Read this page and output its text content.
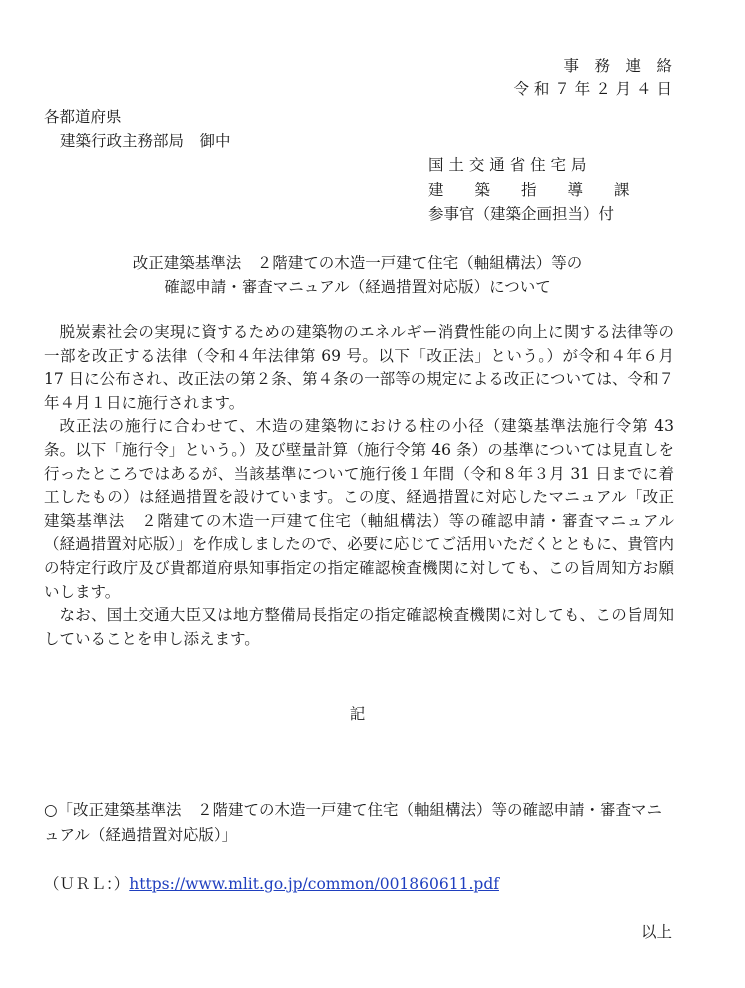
事　務　連　絡
令 和 ７ 年 ２ 月 ４ 日
各都道府県
建築行政主務部局　御中
国 土 交 通 省 住 宅 局
建　　築　　指　　導　　課
参事官（建築企画担当）付
改正建築基準法　２階建ての木造一戸建て住宅（軸組構法）等の
確認申請・審査マニュアル（経過措置対応版）について

脱炭素社会の実現に資するための建築物のエネルギー消費性能の向上に関する法律等の一部を改正する法律（令和４年法律第 69 号。以下「改正法」という。）が令和４年６月 17 日に公布され、改正法の第２条、第４条の一部等の規定による改正については、令和７年４月１日に施行されます。

改正法の施行に合わせて、木造の建築物における柱の小径（建築基準法施行令第 43 条。以下「施行令」という。）及び壁量計算（施行令第 46 条）の基準については見直しを行ったところではあるが、当該基準について施行後１年間（令和８年３月 31 日までに着工したもの）は経過措置を設けています。この度、経過措置に対応したマニュアル「改正建築基準法　２階建ての木造一戸建て住宅（軸組構法）等の確認申請・審査マニュアル（経過措置対応版）」を作成しましたので、必要に応じてご活用いただくとともに、貴管内の特定行政庁及び貴都道府県知事指定の指定確認検査機関に対しても、この旨周知方お願いします。

なお、国土交通大臣又は地方整備局長指定の指定確認検査機関に対しても、この旨周知していることを申し添えます。

記
○「改正建築基準法　２階建ての木造一戸建て住宅（軸組構法）等の確認申請・審査マニュアル（経過措置対応版）」
（ＵＲＬ：）https://www.mlit.go.jp/common/001860611.pdf
以上
